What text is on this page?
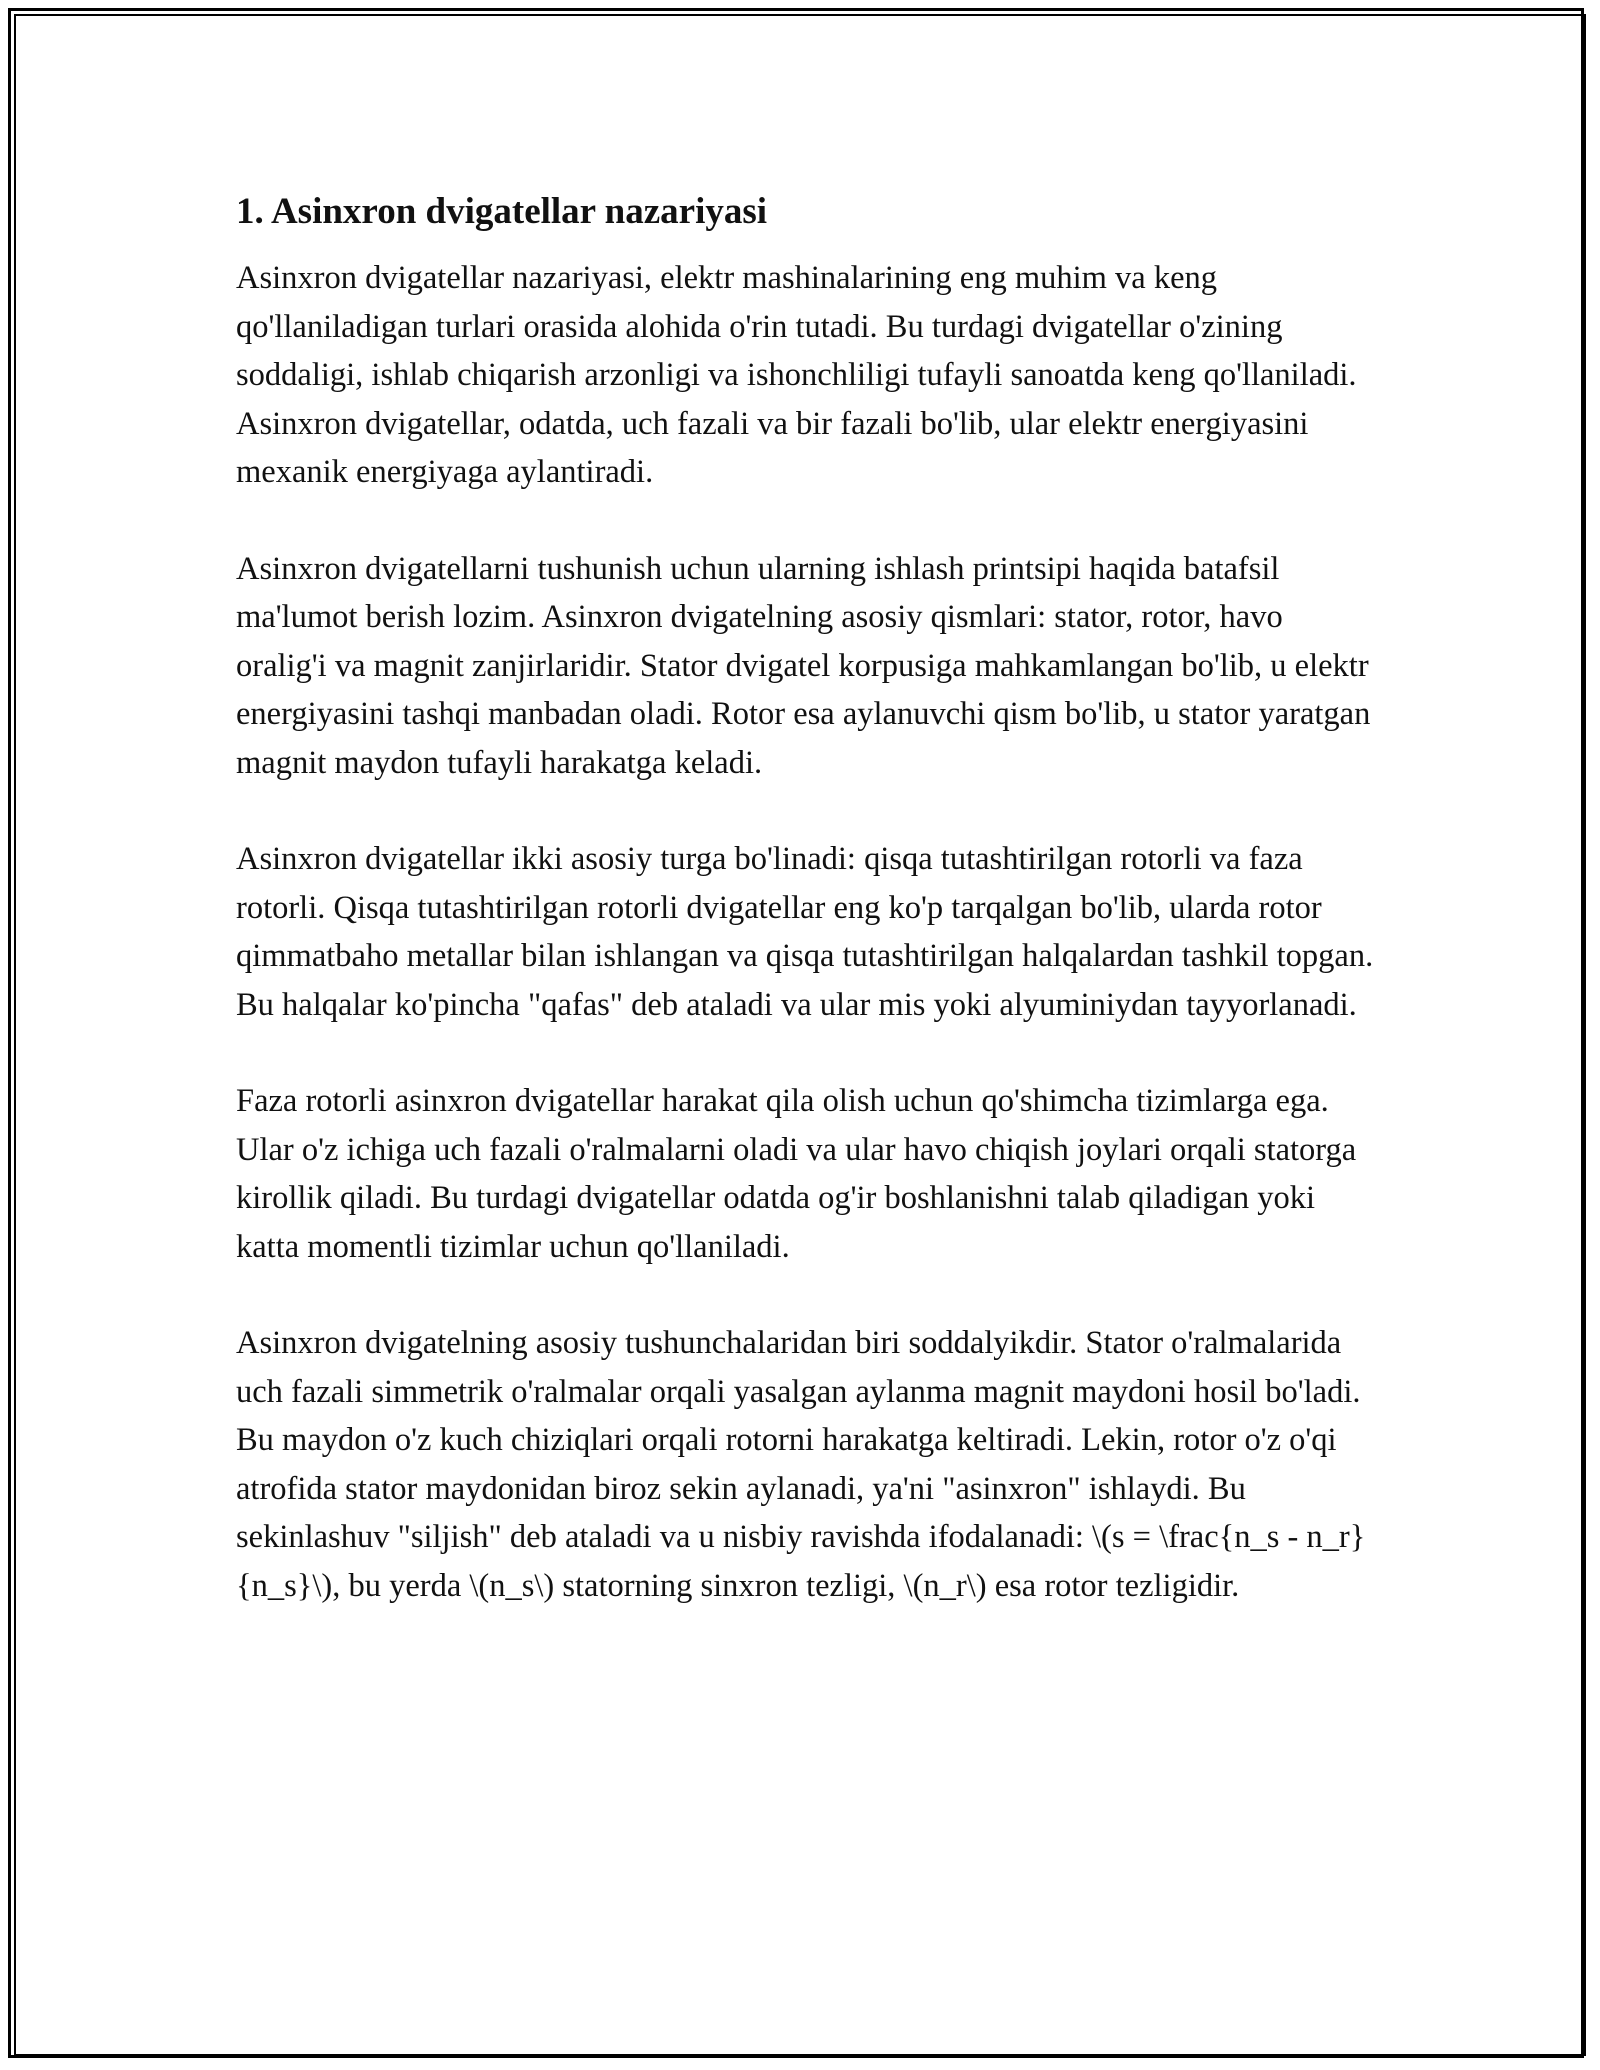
1. Asinxron dvigatellar nazariyasi

Asinxron dvigatellar nazariyasi, elektr mashinalarining eng muhim va keng qo'llaniladigan turlari orasida alohida o'rin tutadi. Bu turdagi dvigatellar o'zining soddaligi, ishlab chiqarish arzonligi va ishonchliligi tufayli sanoatda keng qo'llaniladi. Asinxron dvigatellar, odatda, uch fazali va bir fazali bo'lib, ular elektr energiyasini mexanik energiyaga aylantiradi.

Asinxron dvigatellarni tushunish uchun ularning ishlash printsipi haqida batafsil ma'lumot berish lozim. Asinxron dvigatelning asosiy qismlari: stator, rotor, havo oralig'i va magnit zanjirlaridir. Stator dvigatel korpusiga mahkamlangan bo'lib, u elektr energiyasini tashqi manbadan oladi. Rotor esa aylanuvchi qism bo'lib, u stator yaratgan magnit maydon tufayli harakatga keladi.

Asinxron dvigatellar ikki asosiy turga bo'linadi: qisqa tutashtirilgan rotorli va faza rotorli. Qisqa tutashtirilgan rotorli dvigatellar eng ko'p tarqalgan bo'lib, ularda rotor qimmatbaho metallar bilan ishlangan va qisqa tutashtirilgan halqalardan tashkil topgan. Bu halqalar ko'pincha "qafas" deb ataladi va ular mis yoki alyuminiydan tayyorlanadi.

Faza rotorli asinxron dvigatellar harakat qila olish uchun qo'shimcha tizimlarga ega. Ular o'z ichiga uch fazali o'ralmalarni oladi va ular havo chiqish joylari orqali statorga kirollik qiladi. Bu turdagi dvigatellar odatda og'ir boshlanishni talab qiladigan yoki katta momentli tizimlar uchun qo'llaniladi.

Asinxron dvigatelning asosiy tushunchalaridan biri soddalyikdir. Stator o'ralmalarida uch fazali simmetrik o'ralmalar orqali yasalgan aylanma magnit maydoni hosil bo'ladi. Bu maydon o'z kuch chiziqlari orqali rotorni harakatga keltiradi. Lekin, rotor o'z o'qi atrofida stator maydonidan biroz sekin aylanadi, ya'ni "asinxron" ishlaydi. Bu sekinlashuv "siljish" deb ataladi va u nisbiy ravishda ifodalanadi: \(s = \frac{n_s - n_r}{n_s}\), bu yerda \(n_s\) statorning sinxron tezligi, \(n_r\) esa rotor tezligidir.
